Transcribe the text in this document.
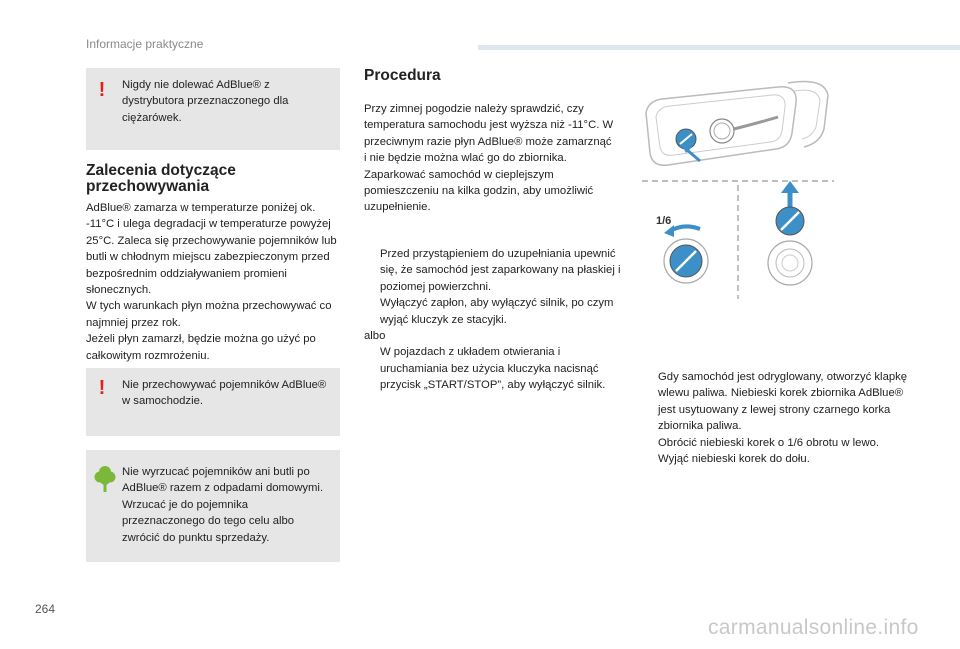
Informacje praktyczne
! Nigdy nie dolewać AdBlue® z dystrybutora przeznaczonego dla ciężarówek.
Zalecenia dotyczące
przechowywania
AdBlue® zamarza w temperaturze poniżej ok. -11°C i ulega degradacji w temperaturze powyżej 25°C. Zaleca się przechowywanie pojemników lub butli w chłodnym miejscu zabezpieczonym przed bezpośrednim oddziaływaniem promieni słonecznych.
W tych warunkach płyn można przechowywać co najmniej przez rok.
Jeżeli płyn zamarzł, będzie można go użyć po całkowitym rozmrożeniu.
! Nie przechowywać pojemników AdBlue® w samochodzie.
Nie wyrzucać pojemników ani butli po AdBlue® razem z odpadami domowymi. Wrzucać je do pojemnika przeznaczonego do tego celu albo zwrócić do punktu sprzedaży.
Procedura
Przy zimnej pogodzie należy sprawdzić, czy temperatura samochodu jest wyższa niż -11°C. W przeciwnym razie płyn AdBlue® może zamarznąć i nie będzie można wlać go do zbiornika.
Zaparkować samochód w cieplejszym pomieszczeniu na kilka godzin, aby umożliwić uzupełnienie.
Przed przystąpieniem do uzupełniania upewnić się, że samochód jest zaparkowany na płaskiej i poziomej powierzchni.
Wyłączyć zapłon, aby wyłączyć silnik, po czym wyjąć kluczyk ze stacyjki.
albo
W pojazdach z układem otwierania i uruchamiania bez użycia kluczyka nacisnąć przycisk „START/STOP”, aby wyłączyć silnik.
1/6
Gdy samochód jest odryglowany, otworzyć klapkę wlewu paliwa. Niebieski korek zbiornika AdBlue® jest usytuowany z lewej strony czarnego korka zbiornika paliwa.
Obrócić niebieski korek o 1/6 obrotu w lewo.
Wyjąć niebieski korek do dołu.
264
carmanualsonline.info
